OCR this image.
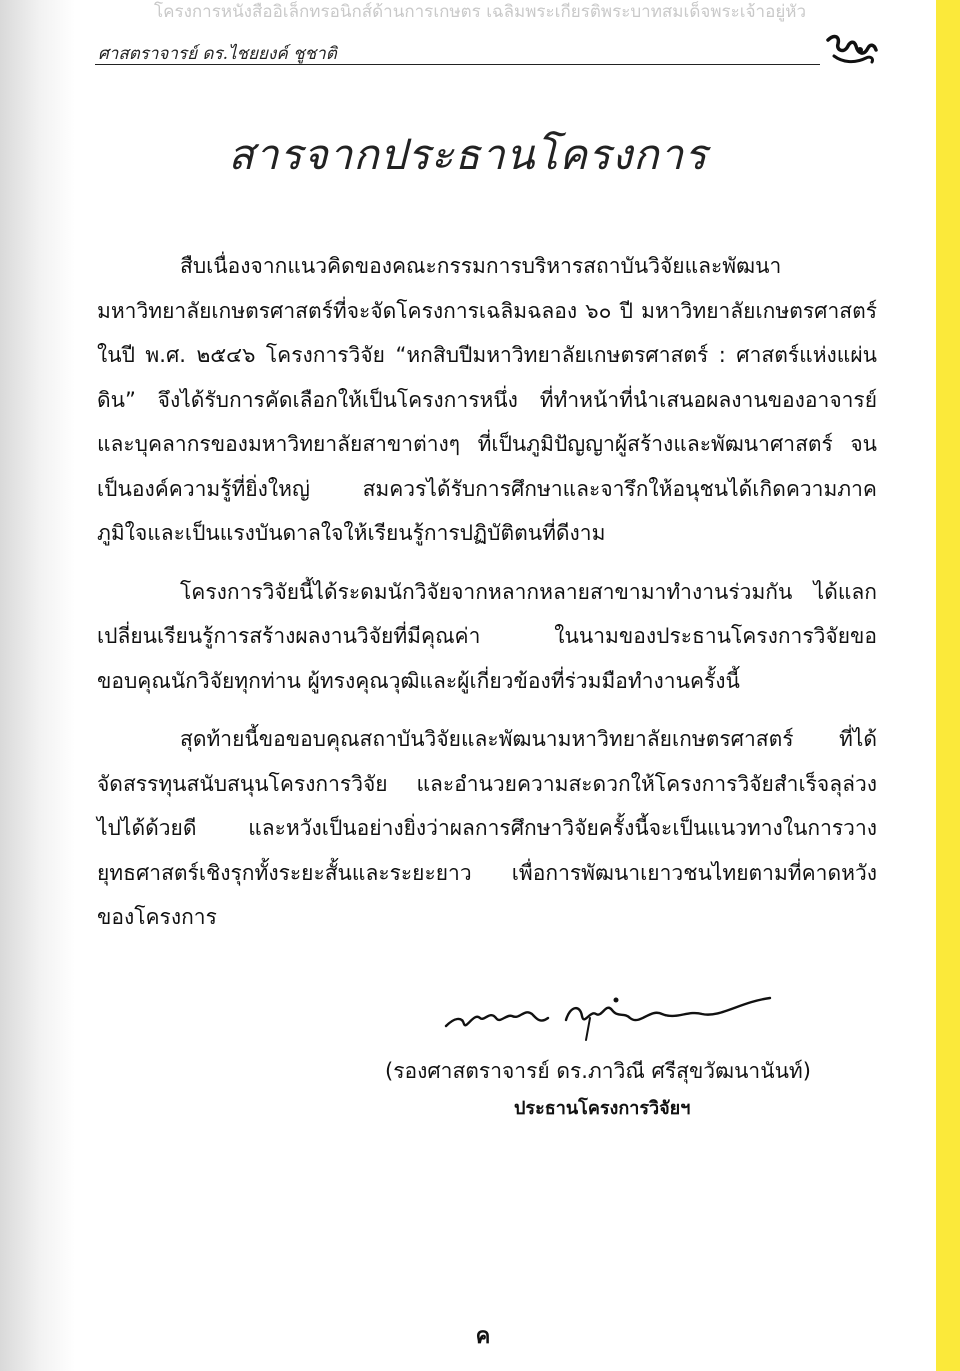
โครงการหนังสืออิเล็กทรอนิกส์ด้านการเกษตร เฉลิมพระเกียรติพระบาทสมเด็จพระเจ้าอยู่หัว
ศาสตราจารย์ ดร.ไชยยงค์ ชูชาติ
สารจากประธานโครงการ

สืบเนื่องจากแนวคิดของคณะกรรมการบริหารสถาบันวิจัยและพัฒนา มหาวิทยาลัยเกษตรศาสตร์ที่จะจัดโครงการเฉลิมฉลอง ๖๐ ปี มหาวิทยาลัยเกษตรศาสตร์ ในปี พ.ศ. ๒๕๔๖ โครงการวิจัย “หกสิบปีมหาวิทยาลัยเกษตรศาสตร์ : ศาสตร์แห่งแผ่นดิน” จึงได้รับการคัดเลือกให้เป็นโครงการหนึ่ง ที่ทำหน้าที่นำเสนอผลงานของอาจารย์และบุคลากรของมหาวิทยาลัยสาขาต่างๆ ที่เป็นภูมิปัญญาผู้สร้างและพัฒนาศาสตร์ จนเป็นองค์ความรู้ที่ยิ่งใหญ่ สมควรได้รับการศึกษาและจารึกให้อนุชนได้เกิดความภาคภูมิใจและเป็นแรงบันดาลใจให้เรียนรู้การปฏิบัติตนที่ดีงาม

โครงการวิจัยนี้ได้ระดมนักวิจัยจากหลากหลายสาขามาทำงานร่วมกัน ได้แลกเปลี่ยนเรียนรู้การสร้างผลงานวิจัยที่มีคุณค่า ในนามของประธานโครงการวิจัยขอขอบคุณนักวิจัยทุกท่าน ผู้ทรงคุณวุฒิและผู้เกี่ยวข้องที่ร่วมมือทำงานครั้งนี้

สุดท้ายนี้ขอขอบคุณสถาบันวิจัยและพัฒนามหาวิทยาลัยเกษตรศาสตร์ ที่ได้จัดสรรทุนสนับสนุนโครงการวิจัย และอำนวยความสะดวกให้โครงการวิจัยสำเร็จลุล่วงไปได้ด้วยดี และหวังเป็นอย่างยิ่งว่าผลการศึกษาวิจัยครั้งนี้จะเป็นแนวทางในการวางยุทธศาสตร์เชิงรุกทั้งระยะสั้นและระยะยาว เพื่อการพัฒนาเยาวชนไทยตามที่คาดหวังของโครงการ

(รองศาสตราจารย์ ดร.ภาวิณี ศรีสุขวัฒนานันท์)
ประธานโครงการวิจัยฯ
ค
